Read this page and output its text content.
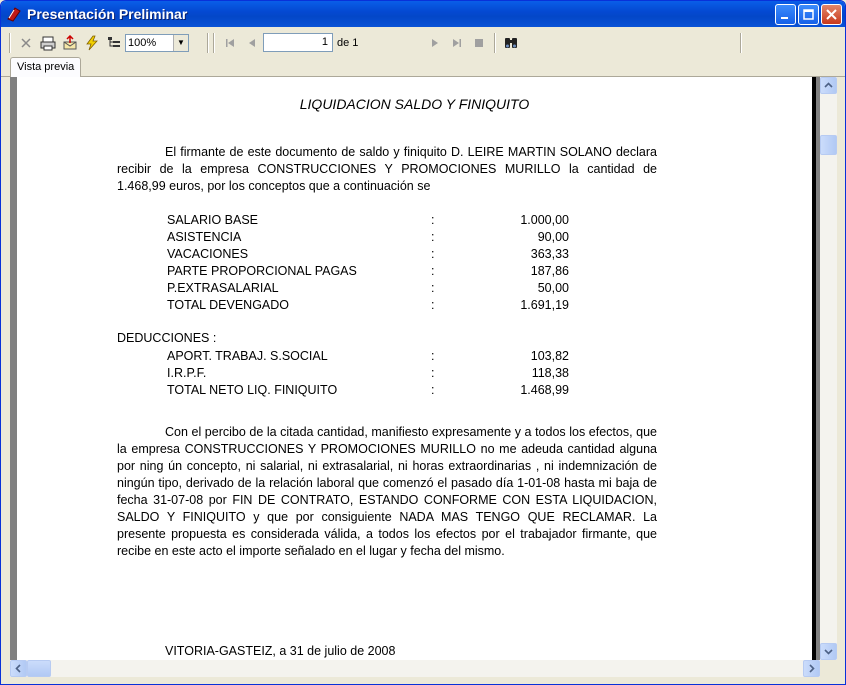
Presentación Preliminar
100%	▼	1 de 1
Vista previa
LIQUIDACION SALDO Y FINIQUITO
El firmante de este documento de saldo y finiquito D. LEIRE MARTIN SOLANO declara recibir de la empresa CONSTRUCCIONES Y PROMOCIONES MURILLO la cantidad de 1.468,99 euros, por los conceptos que a continuación se
SALARIO BASE	:	1.000,00
ASISTENCIA	:	90,00
VACACIONES	:	363,33
PARTE PROPORCIONAL PAGAS	:	187,86
P.EXTRASALARIAL	:	50,00
TOTAL DEVENGADO	:	1.691,19
DEDUCCIONES :
APORT. TRABAJ. S.SOCIAL	:	103,82
I.R.P.F.	:	118,38
TOTAL NETO LIQ. FINIQUITO	:	1.468,99
Con el percibo de la citada cantidad, manifiesto expresamente y a todos los efectos, que la empresa CONSTRUCCIONES Y PROMOCIONES MURILLO no me adeuda cantidad alguna por ning ún concepto, ni salarial, ni extrasalarial, ni horas extraordinarias , ni indemnización de ningún tipo, derivado de la relación laboral que comenzó el pasado día 1-01-08 hasta mi baja de fecha 31-07-08 por FIN DE CONTRATO, ESTANDO CONFORME CON ESTA LIQUIDACION, SALDO Y FINIQUITO y que por consiguiente NADA MAS TENGO QUE RECLAMAR. La presente propuesta es considerada válida, a todos los efectos por el trabajador firmante, que recibe en este acto el importe señalado en el lugar y fecha del mismo.
VITORIA-GASTEIZ, a 31 de julio de 2008
